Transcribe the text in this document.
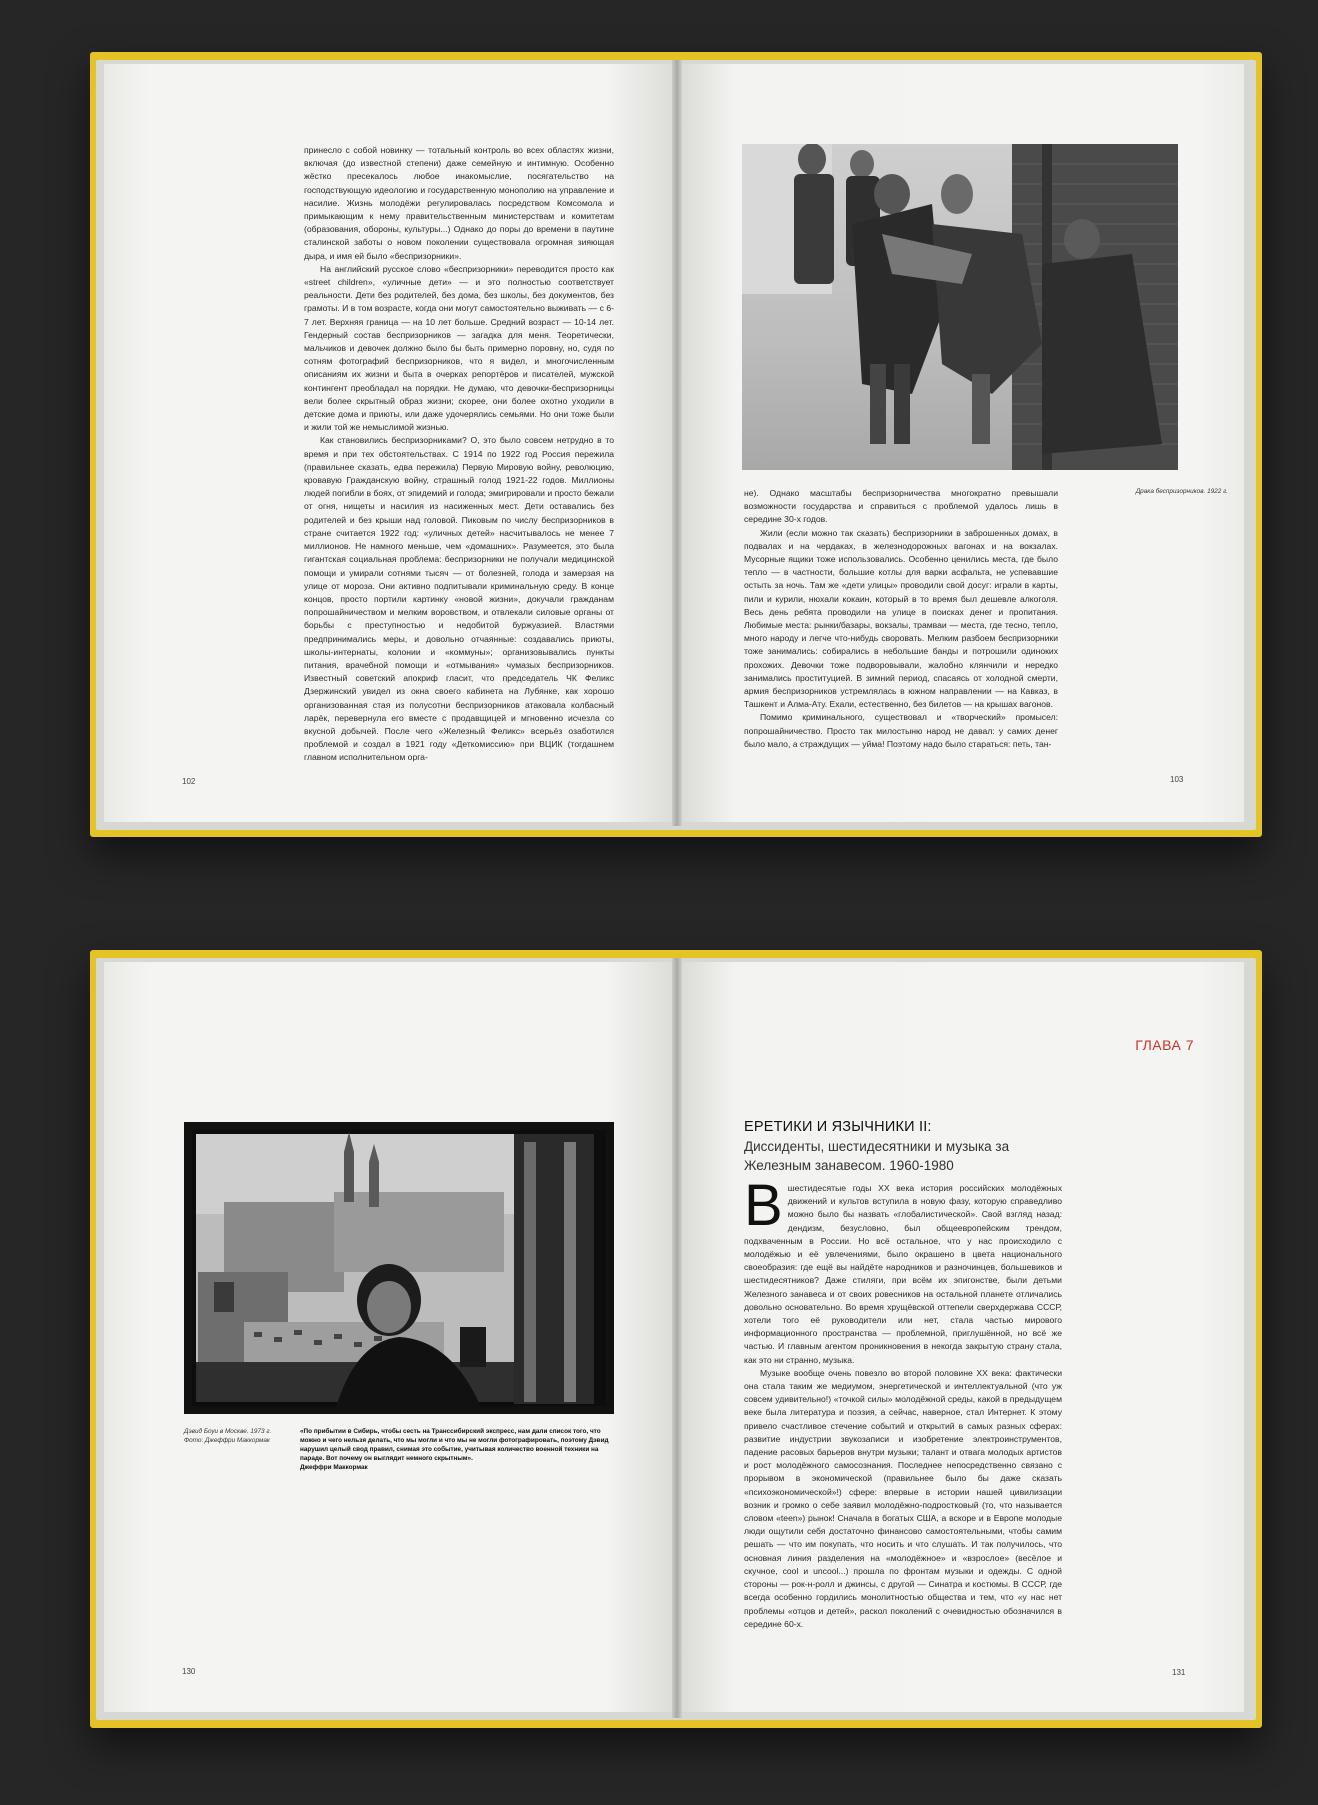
принесло с собой новинку — тотальный контроль во всех областях жизни, включая (до известной степени) даже семейную и интимную. Особенно жёстко пресекалось любое инакомыслие, посягательство на господствующую идеологию и государственную монополию на управление и насилие. Жизнь молодёжи регулировалась посредством Комсомола и примыкающим к нему правительственным министерствам и комитетам (образования, обороны, культуры...) Однако до поры до времени в паутине сталинской заботы о новом поколении существовала огромная зияющая дыра, и имя ей было «беспризорники».

На английский русское слово «беспризорники» переводится просто как «street children», «уличные дети» — и это полностью соответствует реальности. Дети без родителей, без дома, без школы, без документов, без грамоты. И в том возрасте, когда они могут самостоятельно выживать — с 6-7 лет. Верхняя граница — на 10 лет больше. Средний возраст — 10-14 лет. Гендерный состав беспризорников — загадка для меня. Теоретически, мальчиков и девочек должно было бы быть примерно поровну, но, судя по сотням фотографий беспризорников, что я видел, и многочисленным описаниям их жизни и быта в очерках репортёров и писателей, мужской контингент преобладал на порядки. Не думаю, что девочки-беспризорницы вели более скрытный образ жизни; скорее, они более охотно уходили в детские дома и приюты, или даже удочерялись семьями. Но они тоже были и жили той же немыслимой жизнью.

Как становились беспризорниками? О, это было совсем нетрудно в то время и при тех обстоятельствах. С 1914 по 1922 год Россия пережила (правильнее сказать, едва пережила) Первую Мировую войну, революцию, кровавую Гражданскую войну, страшный голод 1921-22 годов. Миллионы людей погибли в боях, от эпидемий и голода; эмигрировали и просто бежали от огня, нищеты и насилия из насиженных мест. Дети оставались без родителей и без крыши над головой. Пиковым по числу беспризорников в стране считается 1922 год: «уличных детей» насчитывалось не менее 7 миллионов. Не намного меньше, чем «домашних». Разумеется, это была гигантская социальная проблема: беспризорники не получали медицинской помощи и умирали сотнями тысяч — от болезней, голода и замерзая на улице от мороза. Они активно подпитывали криминальную среду. В конце концов, просто портили картинку «новой жизни», докучали гражданам попрошайничеством и мелким воровством, и отвлекали силовые органы от борьбы с преступностью и недобитой буржуазией. Властями предпринимались меры, и довольно отчаянные: создавались приюты, школы-интернаты, колонии и «коммуны»; организовывались пункты питания, врачебной помощи и «отмывания» чумазых беспризорников. Известный советский апокриф гласит, что председатель ЧК Феликс Дзержинский увидел из окна своего кабинета на Лубянке, как хорошо организованная стая из полусотни беспризорников атаковала колбасный ларёк, перевернула его вместе с продавщицей и мгновенно исчезла со вкусной добычей. После чего «Железный Феликс» всерьёз озаботился проблемой и создал в 1921 году «Деткомиссию» при ВЦИК (тогдашнем главном исполнительном орга-

102
Драка беспризорников. 1922 г.

не). Однако масштабы беспризорничества многократно превышали возможности государства и справиться с проблемой удалось лишь в середине 30-х годов.

Жили (если можно так сказать) беспризорники в заброшенных домах, в подвалах и на чердаках, в железнодорожных вагонах и на вокзалах. Мусорные ящики тоже использовались. Особенно ценились места, где было тепло — в частности, большие котлы для варки асфальта, не успевавшие остыть за ночь. Там же «дети улицы» проводили свой досуг: играли в карты, пили и курили, нюхали кокаин, который в то время был дешевле алкоголя. Весь день ребята проводили на улице в поисках денег и пропитания. Любимые места: рынки/базары, вокзалы, трамваи — места, где тесно, тепло, много народу и легче что-нибудь своровать. Мелким разбоем беспризорники тоже занимались: собирались в небольшие банды и потрошили одиноких прохожих. Девочки тоже подворовывали, жалобно клянчили и нередко занимались проституцией. В зимний период, спасаясь от холодной смерти, армия беспризорников устремлялась в южном направлении — на Кавказ, в Ташкент и Алма-Ату. Ехали, естественно, без билетов — на крышах вагонов.

Помимо криминального, существовал и «творческий» промысел: попрошайничество. Просто так милостыню народ не давал: у самих денег было мало, а страждущих — уйма! Поэтому надо было стараться: петь, тан-

103
Дэвид Боуи в Москве. 1973 г.
Фото: Джеффри Маккормак
«По прибытии в Сибирь, чтобы сесть на Транссибирский экспресс, нам дали список того, что можно и чего нельзя делать, что мы могли и что мы не могли фотографировать, поэтому Дэвид нарушил целый свод правил, снимая это событие, учитывая количество военной техники на параде. Вот почему он выглядит немного скрытным».
Джеффри Маккормак
130
ГЛАВА 7
ЕРЕТИКИ И ЯЗЫЧНИКИ II:
Диссиденты, шестидесятники и музыка за Железным занавесом. 1960-1980

Вшестидесятые годы XX века история российских молодёжных движений и культов вступила в новую фазу, которую справедливо можно было бы назвать «глобалистической». Свой взгляд назад: дендизм, безусловно, был общеевропейским трендом, подхваченным в России. Но всё остальное, что у нас происходило с молодёжью и её увлечениями, было окрашено в цвета национального своеобразия: где ещё вы найдёте народников и разночинцев, большевиков и шестидесятников? Даже стиляги, при всём их эпигонстве, были детьми Железного занавеса и от своих ровесников на остальной планете отличались довольно основательно. Во время хрущёвской оттепели сверхдержава СССР, хотели того её руководители или нет, стала частью мирового информационного пространства — проблемной, приглушённой, но всё же частью. И главным агентом проникновения в некогда закрытую страну стала, как это ни странно, музыка.

Музыке вообще очень повезло во второй половине XX века: фактически она стала таким же медиумом, энергетической и интеллектуальной (что уж совсем удивительно!) «точкой силы» молодёжной среды, какой в предыдущем веке была литература и поэзия, а сейчас, наверное, стал Интернет. К этому привело счастливое стечение событий и открытий в самых разных сферах: развитие индустрии звукозаписи и изобретение электроинструментов, падение расовых барьеров внутри музыки; талант и отвага молодых артистов и рост молодёжного самосознания. Последнее непосредственно связано с прорывом в экономической (правильнее было бы даже сказать «психоэкономической»!) сфере: впервые в истории нашей цивилизации возник и громко о себе заявил молодёжно-подростковый (то, что называется словом «teen») рынок! Сначала в богатых США, а вскоре и в Европе молодые люди ощутили себя достаточно финансово самостоятельными, чтобы самим решать — что им покупать, что носить и что слушать. И так получилось, что основная линия разделения на «молодёжное» и «взрослое» (весёлое и скучное, cool и uncool...) прошла по фронтам музыки и одежды. С одной стороны — рок-н-ролл и джинсы, с другой — Синатра и костюмы. В СССР, где всегда особенно гордились монолитностью общества и тем, что «у нас нет проблемы «отцов и детей», раскол поколений с очевидностью обозначился в середине 60-х.

131
